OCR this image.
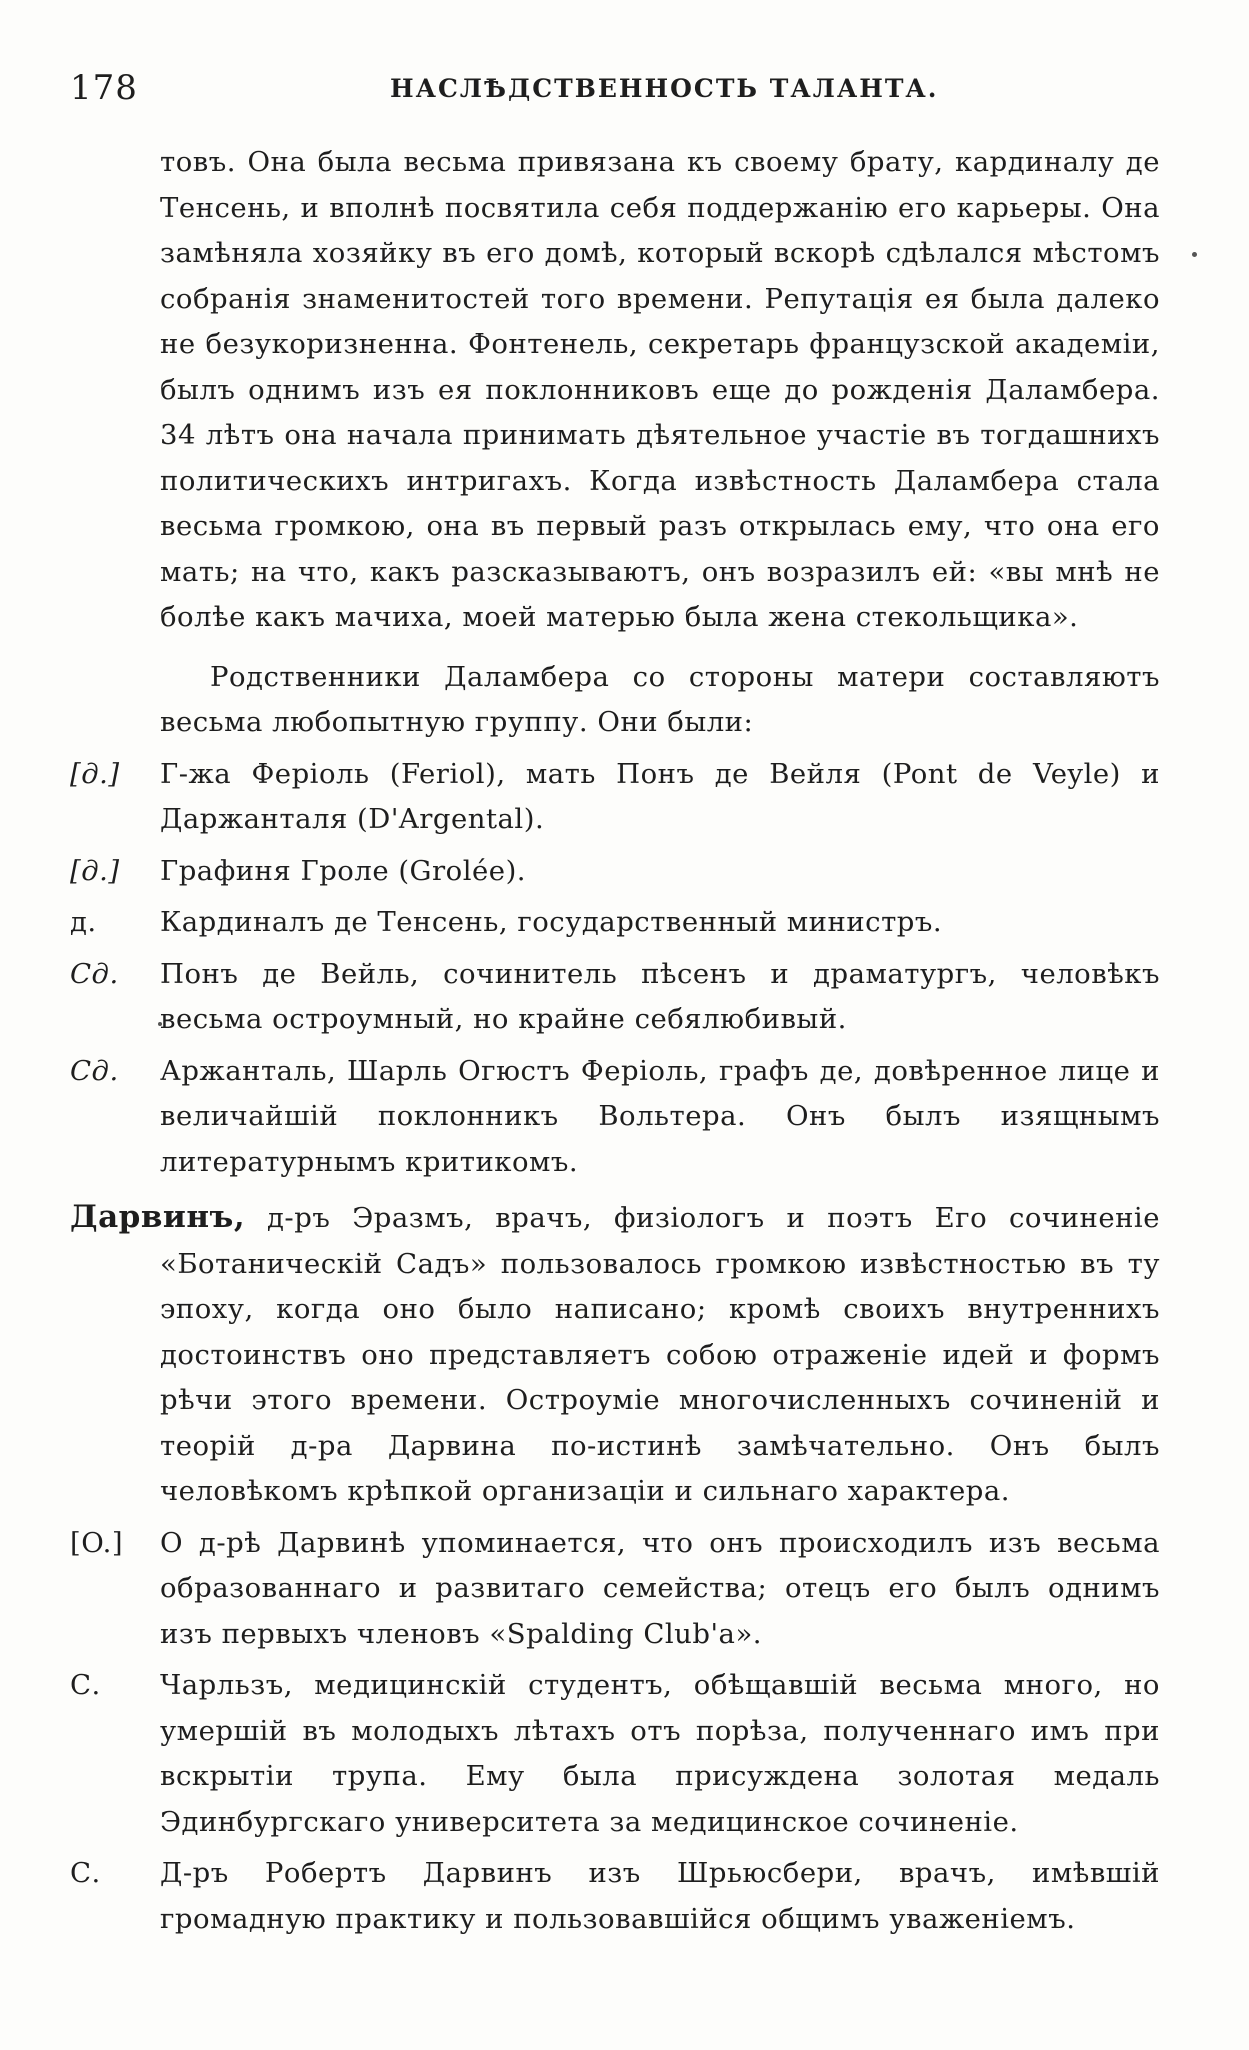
178	НАСЛѢДСТВЕННОСТЬ ТАЛАНТА.

товъ. Она была весьма привязана къ своему брату, кардиналу де Тенсень, и вполнѣ посвятила себя поддержанію его карьеры. Она замѣняла хозяйку въ его домѣ, который вскорѣ сдѣлался мѣстомъ собранія знаменитостей того времени. Репутація ея была далеко не безукоризненна. Фонтенель, секретарь французской академіи, былъ однимъ изъ ея поклонниковъ еще до рожденія Даламбера. 34 лѣтъ она начала принимать дѣятельное участіе въ тогдашнихъ политическихъ интригахъ. Когда извѣстность Даламбера стала весьма громкою, она въ первый разъ открылась ему, что она его мать; на что, какъ разсказываютъ, онъ возразилъ ей: «вы мнѣ не болѣе какъ мачиха, моей матерью была жена стекольщика».

Родственники Даламбера со стороны матери составляютъ весьма любопытную группу. Они были:

[д.]	Г-жа Феріоль (Feriol), мать Понъ де Вейля (Pont de Veyle) и Даржанталя (D'Argental).
[д.]	Графиня Гроле (Grolée).
д.	Кардиналъ де Тенсень, государственный министръ.
Сд.	Понъ де Вейль, сочинитель пѣсенъ и драматургъ, человѣкъ весьма остроумный, но крайне себялюбивый.
Сд.	Аржанталь, Шарль Огюстъ Феріоль, графъ де, довѣренное лице и величайшій поклонникъ Вольтера. Онъ былъ изящнымъ литературнымъ критикомъ.

Дарвинъ, д-ръ Эразмъ, врачъ, физіологъ и поэтъ Его сочиненіе «Ботаническій Садъ» пользовалось громкою извѣстностью въ ту эпоху, когда оно было написано; кромѣ своихъ внутреннихъ достоинствъ оно представляетъ собою отраженіе идей и формъ рѣчи этого времени. Остроуміе многочисленныхъ сочиненій и теорій д-ра Дарвина по-истинѣ замѣчательно. Онъ былъ человѣкомъ крѣпкой организаціи и сильнаго характера.

[O.]	О д-рѣ Дарвинѣ упоминается, что онъ происходилъ изъ весьма образованнаго и развитаго семейства; отецъ его былъ однимъ изъ первыхъ членовъ «Spalding Club'a».
С.	Чарльзъ, медицинскій студентъ, обѣщавшій весьма много, но умершій въ молодыхъ лѣтахъ отъ порѣза, полученнаго имъ при вскрытіи трупа. Ему была присуждена золотая медаль Эдинбургскаго университета за медицинское сочиненіе.
С.	Д-ръ Робертъ Дарвинъ изъ Шрьюсбери, врачъ, имѣвшій громадную практику и пользовавшійся общимъ уваженіемъ.
